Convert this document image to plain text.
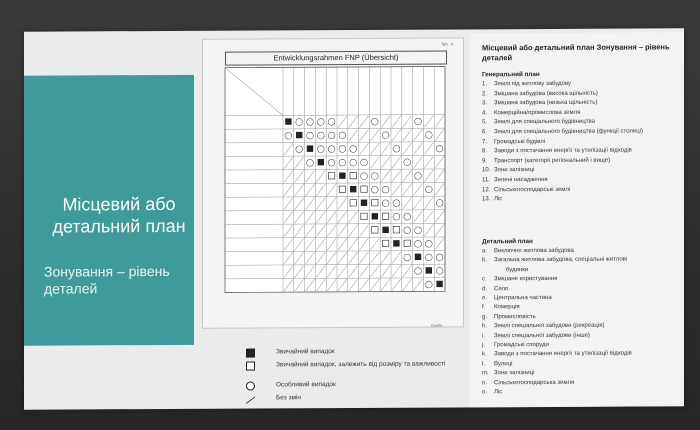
Місцевий або детальний план
Зонування – рівень деталей
Tab. 4
Entwicklungsrahmen FNP (Übersicht)
Quelle
Звичайний випадок
Звичайний випадок, залежить від розміру та важливості
Особливий випадок
Без змін
Місцевий або детальний план Зонування – рівень деталей
Генеральний план
1. Землі під житлову забудову
2. Змішана забудова (висока щільність)
3. Змішана забудова (низька щільність)
4. Комерційна/промислова земля
5. Землі для спеціального будівництва
6. Землі для спеціального будівництва (функції столиці)
7. Громадські будівлі
8. Заводи з постачання енергії та утилізації відходів
9. Транспорт (категорії регіональний і вище)
10. Зони залізниці
11. Зелені насадження
12. Сільськогосподарські землі
13. Ліс
Детальний план
a. Виключно житлова забудова
b. Загальна житлова забудова, спеціальні житлові
будинки
c. Змішане користування
d. Село
e. Центральна частина
f. Комерція
g. Промисловість
h. Землі спеціальної забудови (рекреація)
i. Землі спеціальної забудови (інше)
j. Громадські споруди
k. Заводи з постачання енергії та утилізації відходів
l. Вулиці
m. Зони залізниці
n. Сільськогосподарська земля
o. Ліс
